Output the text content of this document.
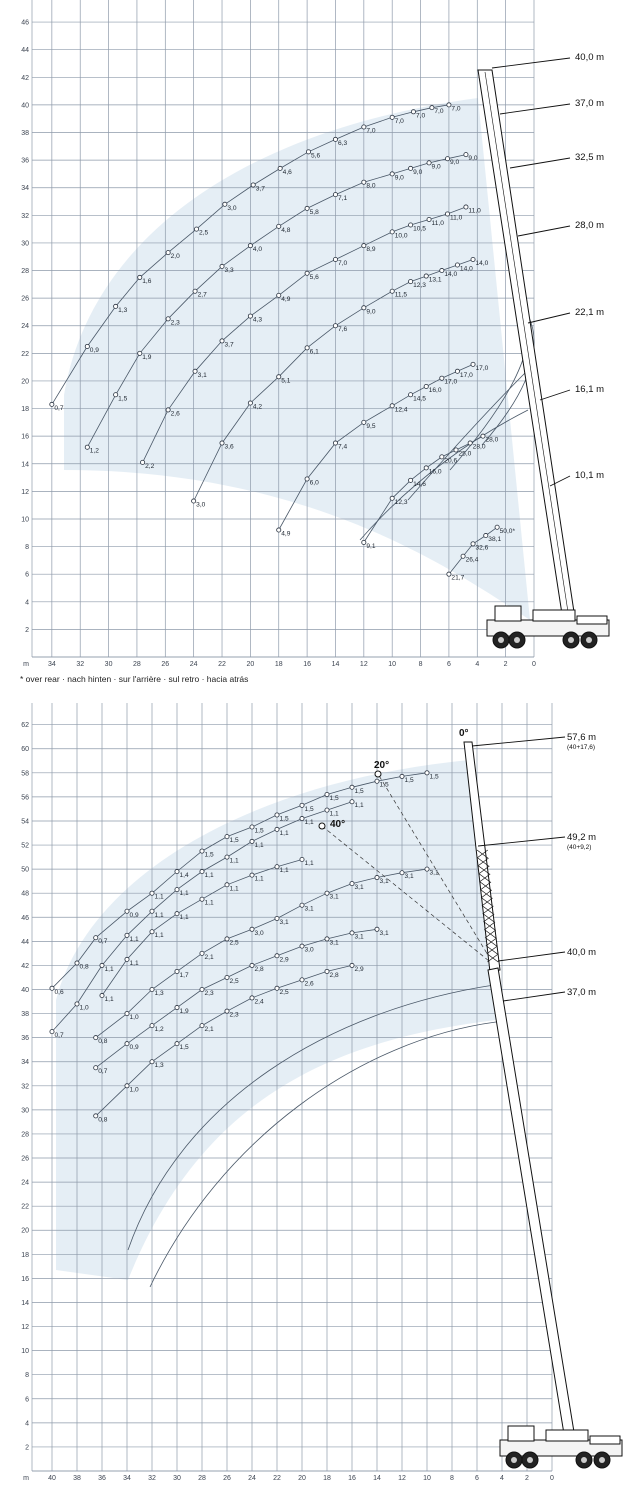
2
4
6
8
10
12
14
16
18
20
22
24
26
28
30
32
34
36
38
40
42
44
46
34	32	30	28	26	24	22	20	18	16	14	12	10	8	6	4	2	0
m
0,7
0,9
1,3
1,6
2,0
2,5
3,0
3,7
4,6
5,6
6,3
7,0
7,0
7,0
7,0 7,0
1,2
1,5
1,9
2,3
2,7
3,3
4,0
4,8
5,8
7,1
8,0
9,0
9,0
9,0
9,0
9,0
2,2
2,6
3,1
3,7
4,3
4,9
5,6
7,0
8,9
10,0
10,5
11,0
11,0
11,0
3,0
3,6
4,2
5,1
6,1
7,6
9,0
11,5
12,3
13,1
14,0
14,0
14,0
4,9
6,0
7,4
9,5
12,4
14,5
16,0
17,0
17,0
17,0
9,1
12,3
14,6
16,0
20,6
25,0
28,0
28,0
21,7
26,4
32,6
38,1
50,0*
40,0 m
37,0 m
32,5 m
28,0 m
22,1 m
16,1 m
10,1 m
2
4
6
8
10
12
14
16
18
20
22
24
26
28
30
32
34
36
38
40
42
44
46
48
50
52
54
56
58
60
62
40 38 36 34 32 30 28 26 24 22 20 18 16 14 12 10	8	6	4	2	0
m
0,6
0,8
0,7
0,9
1,1
1,4
1,5
1,5
1,5
1,5
1,5
1,5
1,5
1,5
1,5
1,5
0,7
1,0
1,1
1,1
1,1
1,1
1,1
1,1
1,1
1,1
1,1
1,1
1,1
1,1
1,1
1,1
1,1
1,1
1,1
1,1
1,1
1,1
0,8
1,0
1,3
1,7
2,1
2,5
3,0
3,1
3,1
3,1
3,1
3,1
3,1
3,1
0,7
0,9
1,2
1,9
2,3
2,5
2,8
2,9
3,0
3,1
3,1
3,1
0,8
1,0
1,3
1,5
2,1
2,3
2,4
2,5
2,6
2,8
2,9
0°
20°
40°
57,6 m
(40+17,6)
49,2 m
(40+9,2)
40,0 m
37,0 m
* over rear · nach hinten · sur l'arrière · sul retro · hacia atrás
